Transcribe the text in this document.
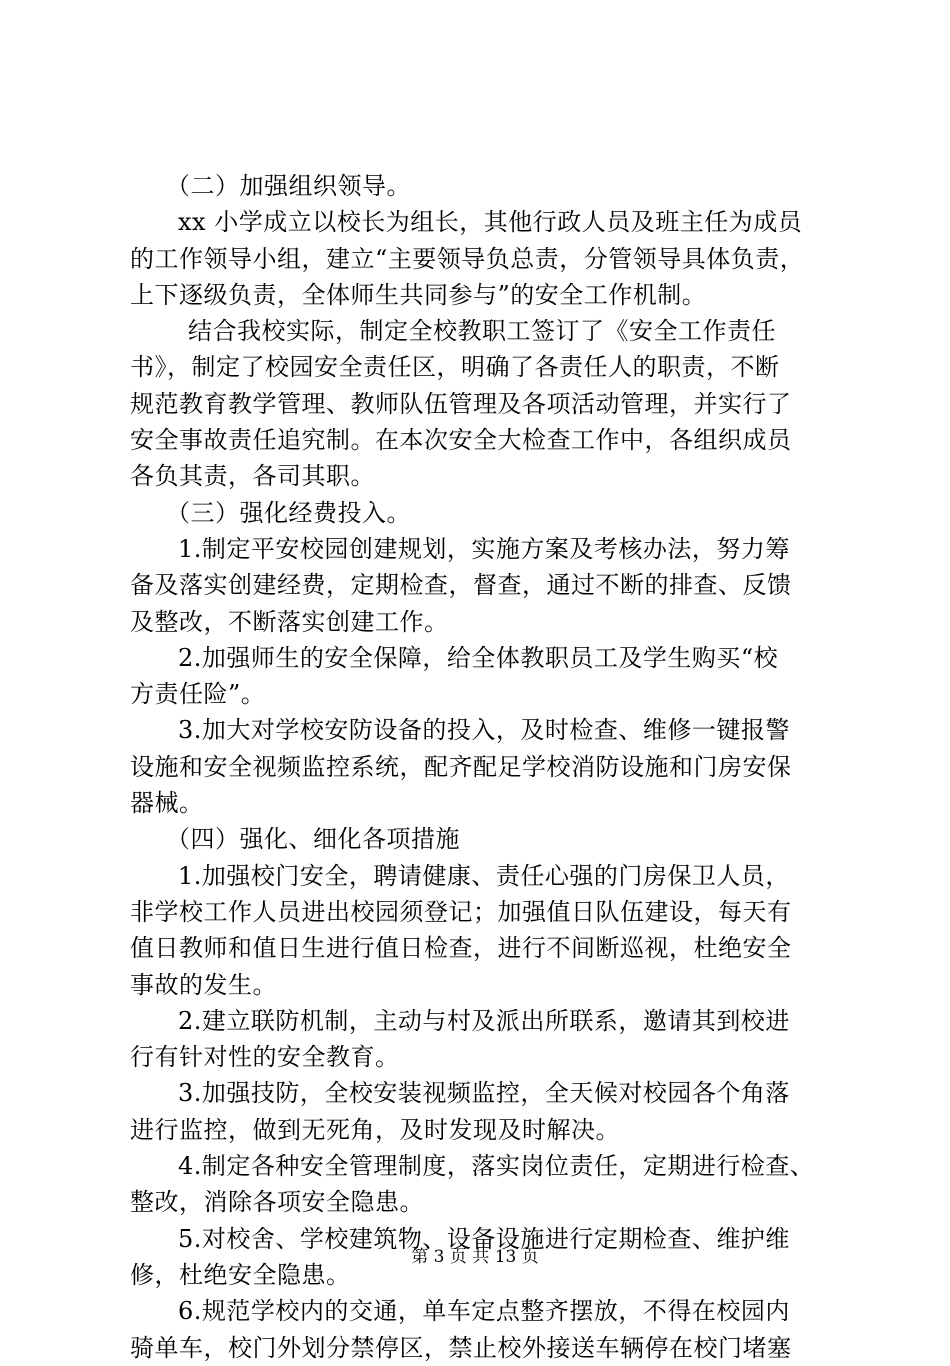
（二）加强组织领导。
xx 小学成立以校长为组长，其他行政人员及班主任为成员
的工作领导小组，建立“主要领导负总责，分管领导具体负责，
上下逐级负责，全体师生共同参与”的安全工作机制。
结合我校实际，制定全校教职工签订了《安全工作责任
书》，制定了校园安全责任区，明确了各责任人的职责，不断
规范教育教学管理、教师队伍管理及各项活动管理，并实行了
安全事故责任追究制。在本次安全大检查工作中，各组织成员
各负其责，各司其职。
（三）强化经费投入。
1.制定平安校园创建规划，实施方案及考核办法，努力筹
备及落实创建经费，定期检查，督查，通过不断的排查、反馈
及整改，不断落实创建工作。
2.加强师生的安全保障，给全体教职员工及学生购买“校
方责任险”。
3.加大对学校安防设备的投入，及时检查、维修一键报警
设施和安全视频监控系统，配齐配足学校消防设施和门房安保
器械。
（四）强化、细化各项措施
1.加强校门安全，聘请健康、责任心强的门房保卫人员，
非学校工作人员进出校园须登记；加强值日队伍建设，每天有
值日教师和值日生进行值日检查，进行不间断巡视，杜绝安全
事故的发生。
2.建立联防机制，主动与村及派出所联系，邀请其到校进
行有针对性的安全教育。
3.加强技防，全校安装视频监控，全天候对校园各个角落
进行监控，做到无死角，及时发现及时解决。
4.制定各种安全管理制度，落实岗位责任，定期进行检查、
整改，消除各项安全隐患。
5.对校舍、学校建筑物、设备设施进行定期检查、维护维
修，杜绝安全隐患。
6.规范学校内的交通，单车定点整齐摆放，不得在校园内
骑单车，校门外划分禁停区，禁止校外接送车辆停在校门堵塞
第 3 页 共 13 页
